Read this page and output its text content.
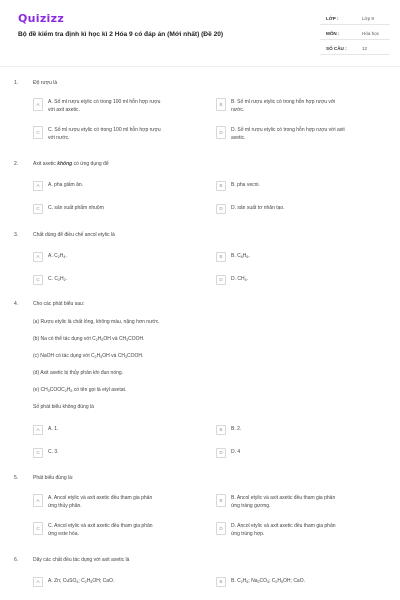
Quizizz
Bộ đề kiểm tra định kì học kì 2 Hóa 9 có đáp án (Mới nhất) (Đề 20)
LỚP :	Lớp 9
MÔN :	Hóa học
SỐ CÂU :	12
1.	Độ rượu là
A	A. Số ml rượu etylic có trong 100 ml hỗn hợp rượu
với axit axetic.
B	B. Số ml rượu etylic có trong hỗn hợp rượu với
nước.
C	C. Số ml rượu etylic có trong 100 ml hỗn hợp rượu
với nước.
D	D. Số ml rượu etylic có trong hỗn hợp rượu với axit
axetic.
2.	Axit axetic không có ứng dụng để
A	A. pha giấm ăn.	B	B. pha vecni.
C	C. sản xuất phẩm nhuộm	D	D. sản xuất tơ nhân tạo.
3.	Chất dùng để điều chế ancol etylic là
A	A. $C_2H_4$.	B	B. $C_6H_6$.
C	C. $C_2H_2$.	D	D. $CH_4$.
4.	Cho các phát biểu sau:
(a) Rượu etylic là chất lỏng, không màu, nặng hơn nước.
(b) Na có thể tác dụng với $C_2H_5OH$ và $CH_3COOH$.
(c) NaOH có tác dụng với $C_2H_5OH$ và $CH_3COOH$.
(d) Axit axetic bị thủy phân khi đun nóng.
(e) $CH_3COOC_2H_5$ có tên gọi là etyl axetat.
Số phát biểu không đúng là
A	A. 1.	B	B. 2.
C	C. 3.	D	D. 4
5.	Phát biểu đúng là:
A	A. Ancol etylic và axit axetic đều tham gia phản
ứng thủy phân.
B	B. Ancol etylic và axit axetic đều tham gia phản
ứng tráng gương.
C	C. Ancol etylic và axit axetic đều tham gia phản
ứng este hóa.
D	D. Ancol etylic và axit axetic đều tham gia phản
ứng trùng hợp.
6.	Dãy các chất đều tác dụng với axit axetic là
A	A. Zn; CuSO$_4$; $C_2H_5OH$; CaO.	B	B. $C_2H_6$; $Na_2CO_3$; $C_2H_5OH$; CaO.
